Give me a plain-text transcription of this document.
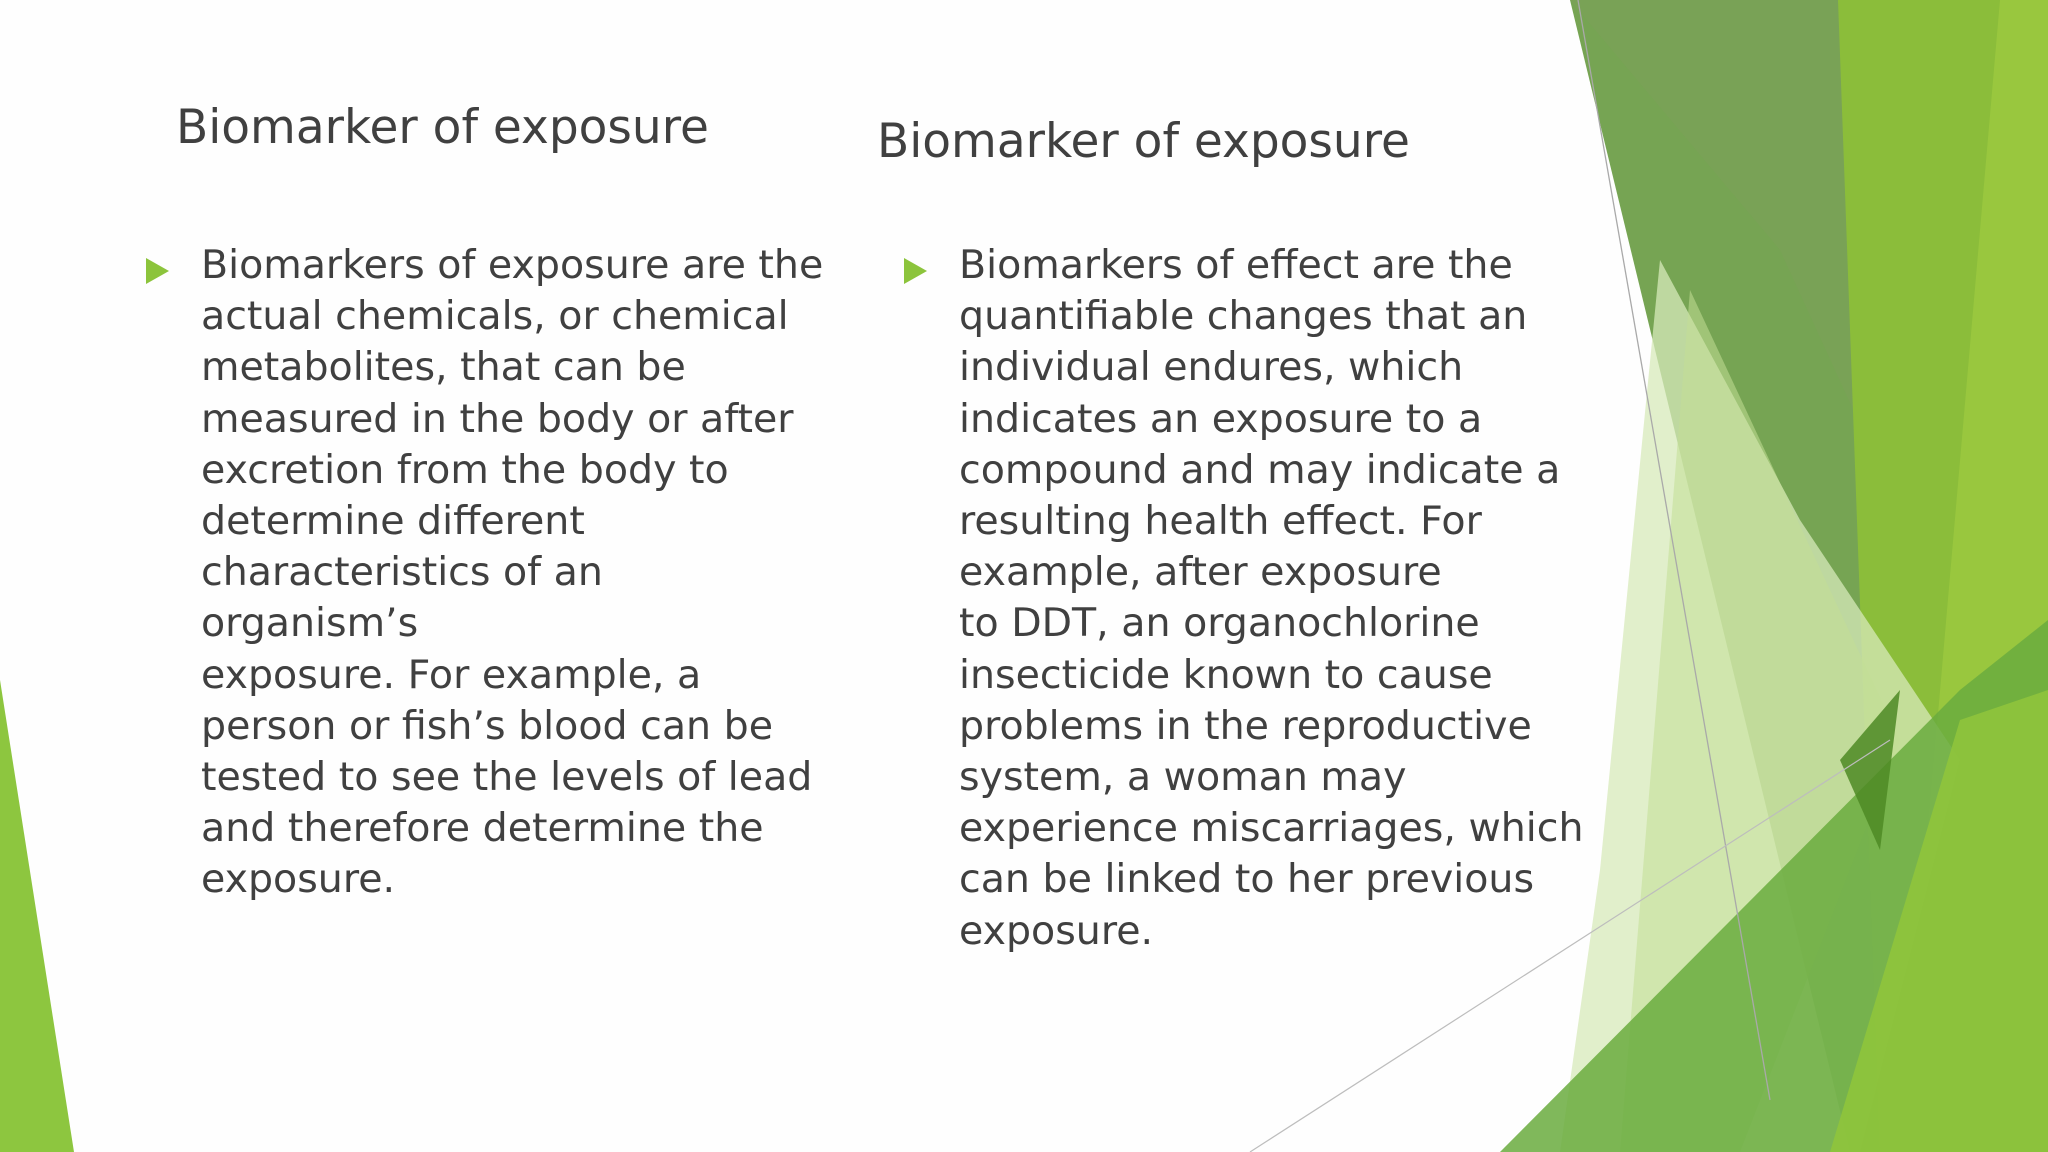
Biomarker of exposure	Biomarker of exposure

Biomarkers of exposure are the
actual chemicals, or chemical
metabolites, that can be
measured in the body or after
excretion from the body to
determine different
characteristics of an organism’s
exposure. For example, a
person or fish’s blood can be
tested to see the levels of lead
and therefore determine the
exposure.

Biomarkers of effect are the
quantifiable changes that an
individual endures, which
indicates an exposure to a
compound and may indicate a
resulting health effect. For
example, after exposure
to DDT, an organochlorine
insecticide known to cause
problems in the reproductive
system, a woman may
experience miscarriages, which
can be linked to her previous
exposure.
